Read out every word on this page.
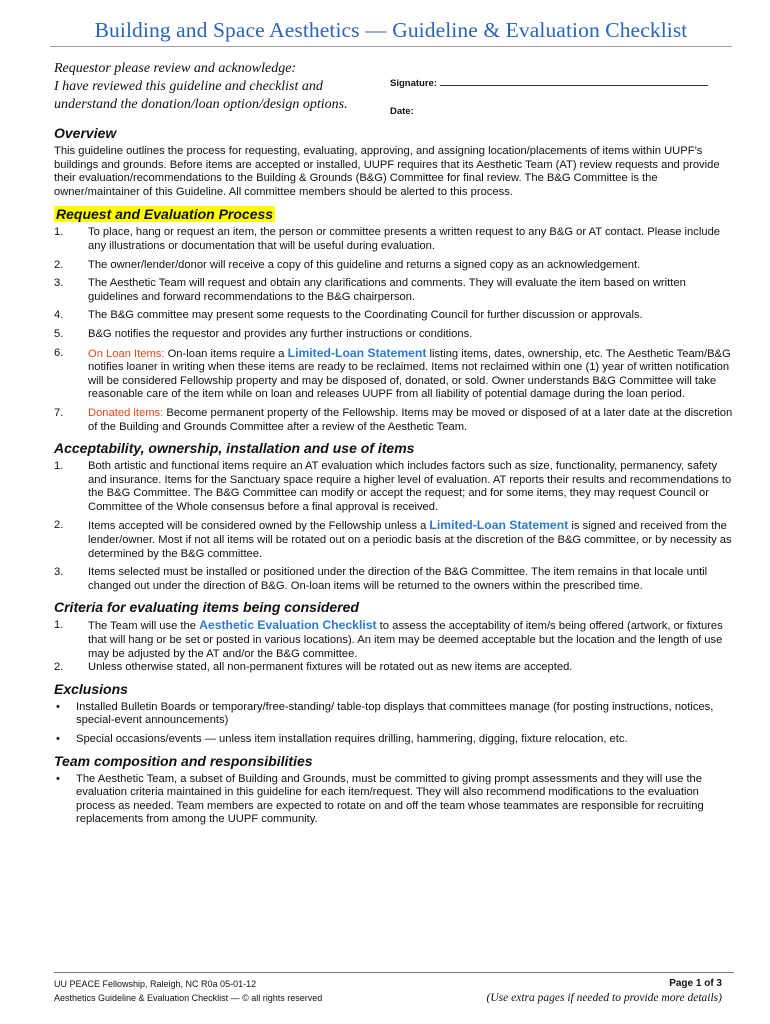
Building and Space Aesthetics — Guideline & Evaluation Checklist
Requestor please review and acknowledge:
I have reviewed this guideline and checklist and
understand the donation/loan option/design options.
Signature:
Date:
Overview

This guideline outlines the process for requesting, evaluating, approving, and assigning location/placements of items within UUPF’s buildings and grounds. Before items are accepted or installed, UUPF requires that its Aesthetic Team (AT) review requests and provide their evaluation/recommendations to the Building & Grounds (B&G) Committee for final review. The B&G Committee is the owner/maintainer of this Guideline. All committee members should be alerted to this process.

Request and Evaluation Process
1. To place, hang or request an item, the person or committee presents a written request to any B&G or AT contact. Please include any illustrations or documentation that will be useful during evaluation.
2. The owner/lender/donor will receive a copy of this guideline and returns a signed copy as an acknowledgement.
3. The Aesthetic Team will request and obtain any clarifications and comments. They will evaluate the item based on written guidelines and forward recommendations to the B&G chairperson.
4. The B&G committee may present some requests to the Coordinating Council for further discussion or approvals.
5. B&G notifies the requestor and provides any further instructions or conditions.
6. On Loan Items: On-loan items require a Limited-Loan Statement listing items, dates, ownership, etc. The Aesthetic Team/B&G notifies loaner in writing when these items are ready to be reclaimed. Items not reclaimed within one (1) year of written notification will be considered Fellowship property and may be disposed of, donated, or sold. Owner understands B&G Committee will take reasonable care of the item while on loan and releases UUPF from all liability of potential damage during the loan period.
7. Donated items: Become permanent property of the Fellowship. Items may be moved or disposed of at a later date at the discretion of the Building and Grounds Committee after a review of the Aesthetic Team.
Acceptability, ownership, installation and use of items
1. Both artistic and functional items require an AT evaluation which includes factors such as size, functionality, permanency, safety and insurance. Items for the Sanctuary space require a higher level of evaluation. AT reports their results and recommendations to the B&G Committee. The B&G Committee can modify or accept the request; and for some items, they may request Council or Committee of the Whole consensus before a final approval is received.
2. Items accepted will be considered owned by the Fellowship unless a Limited-Loan Statement is signed and received from the lender/owner. Most if not all items will be rotated out on a periodic basis at the discretion of the B&G committee, or by necessity as determined by the B&G committee.
3. Items selected must be installed or positioned under the direction of the B&G Committee. The item remains in that locale until changed out under the direction of B&G. On-loan items will be returned to the owners within the prescribed time.
Criteria for evaluating items being considered
1. The Team will use the Aesthetic Evaluation Checklist to assess the acceptability of item/s being offered (artwork, or fixtures that will hang or be set or posted in various locations). An item may be deemed acceptable but the location and the length of use may be adjusted by the AT and/or the B&G committee.
2. Unless otherwise stated, all non-permanent fixtures will be rotated out as new items are accepted.
Exclusions
• Installed Bulletin Boards or temporary/free-standing/ table-top displays that committees manage (for posting instructions, notices, special-event announcements)
• Special occasions/events — unless item installation requires drilling, hammering, digging, fixture relocation, etc.
Team composition and responsibilities
• The Aesthetic Team, a subset of Building and Grounds, must be committed to giving prompt assessments and they will use the evaluation criteria maintained in this guideline for each item/request. They will also recommend modifications to the evaluation process as needed. Team members are expected to rotate on and off the team whose teammates are responsible for recruiting replacements from among the UUPF community.
UU PEACE Fellowship, Raleigh, NC R0a 05-01-12
Aesthetics Guideline & Evaluation Checklist — © all rights reserved
Page 1 of 3
(Use extra pages if needed to provide more details)
